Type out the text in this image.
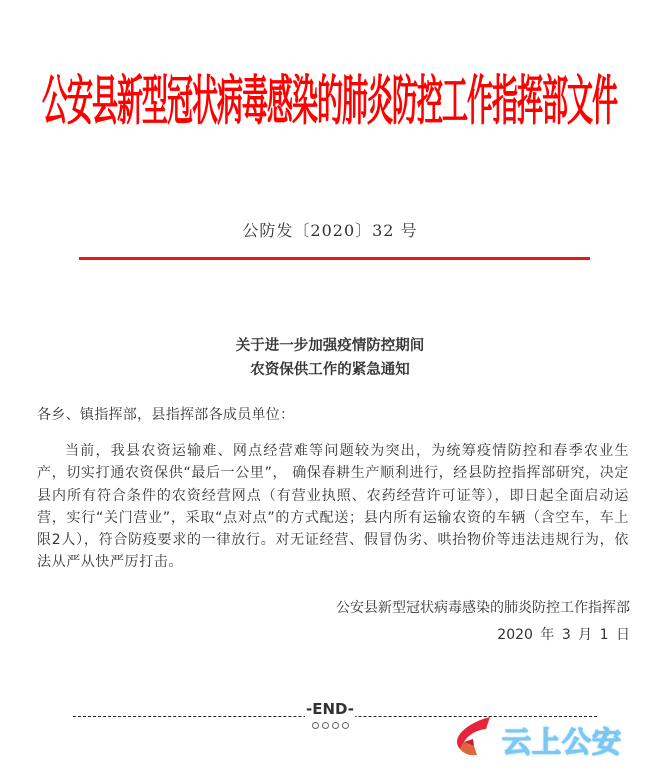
公安县新型冠状病毒感染的肺炎防控工作指挥部文件
公防发〔2020〕32 号
关于进一步加强疫情防控期间
农资保供工作的紧急通知
各乡、镇指挥部，县指挥部各成员单位：
当前，我县农资运输难、网点经营难等问题较为突出，为统筹疫情防控和春季农业生产，切实打通农资保供“最后一公里”， 确保春耕生产顺利进行，经县防控指挥部研究，决定县内所有符合条件的农资经营网点（有营业执照、农药经营许可证等），即日起全面启动运营，实行“关门营业”，采取“点对点”的方式配送；县内所有运输农资的车辆（含空车，车上限2人），符合防疫要求的一律放行。对无证经营、假冒伪劣、哄抬物价等违法违规行为，依法从严从快严厉打击。
公安县新型冠状病毒感染的肺炎防控工作指挥部
2020 年 3 月 1 日
-END-

云上公安
